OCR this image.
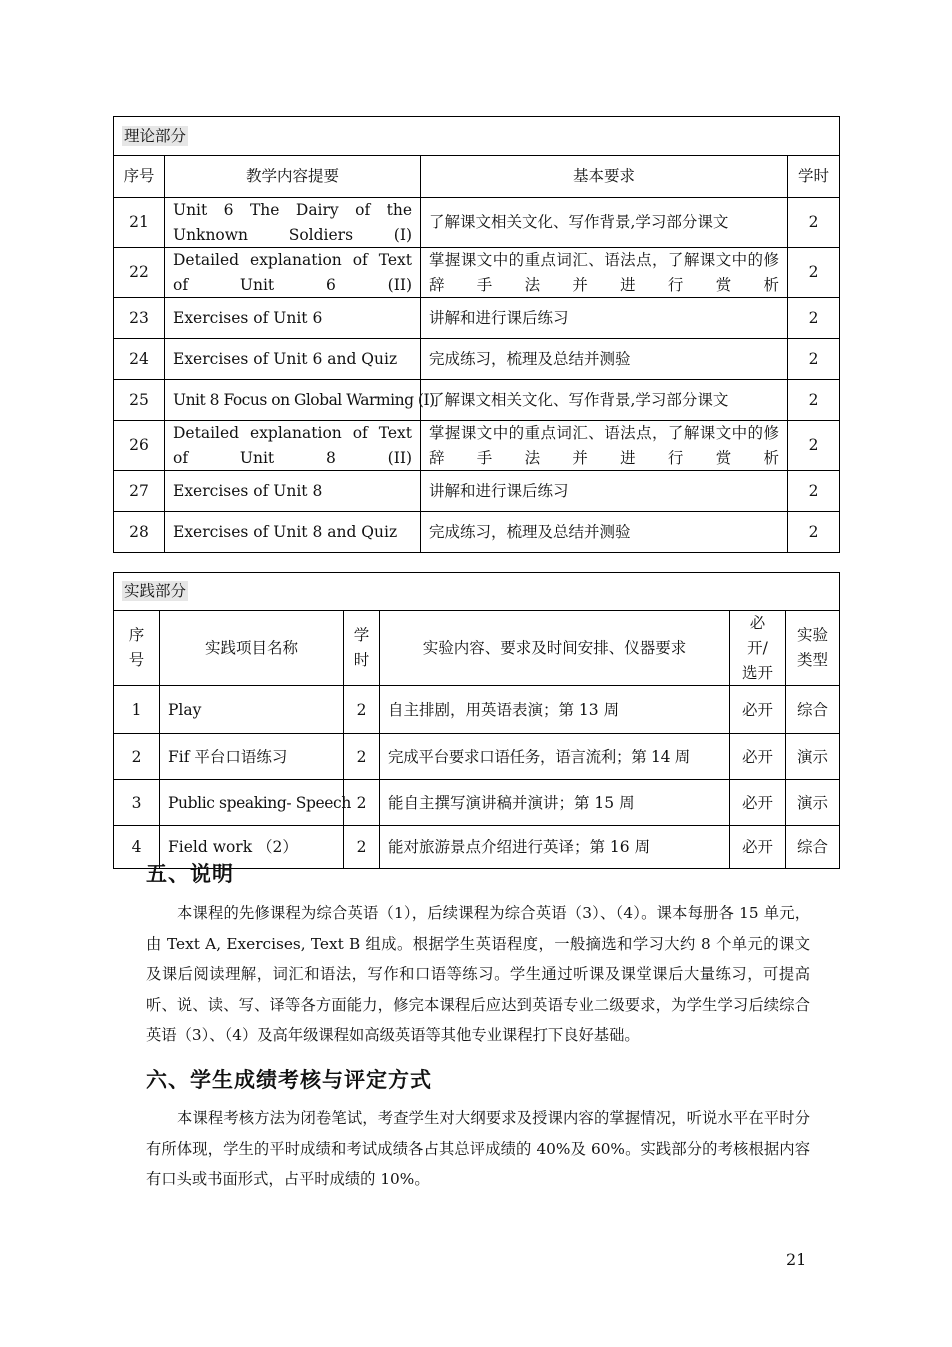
理论部分			
序号	教学内容提要	基本要求	学时
21	Unit 6 The Dairy of the Unknown Soldiers (I)	了解课文相关文化、写作背景,学习部分课文	2
22	Detailed explanation of Text of Unit 6 (II)	掌握课文中的重点词汇、语法点，了解课文中的修辞手法并进行赏析	2
23	Exercises of Unit 6	讲解和进行课后练习	2
24	Exercises of Unit 6 and Quiz	完成练习，梳理及总结并测验	2
25	Unit 8 Focus on Global Warming (I)	了解课文相关文化、写作背景,学习部分课文	2
26	Detailed explanation of Text of Unit 8 (II)	掌握课文中的重点词汇、语法点，了解课文中的修辞手法并进行赏析	2
27	Exercises of Unit 8	讲解和进行课后练习	2
28	Exercises of Unit 8 and Quiz	完成练习，梳理及总结并测验	2
实践部分					
序号	实践项目名称	学时	实验内容、要求及时间安排、仪器要求	必开/选开	实验类型
1	Play	2	自主排剧，用英语表演；第 13 周	必开	综合
2	Fif 平台口语练习	2	完成平台要求口语任务，语言流利；第 14 周	必开	演示
3	Public speaking- Speech	2	能自主撰写演讲稿并演讲；第 15 周	必开	演示
4	Field work （2）	2	能对旅游景点介绍进行英译；第 16 周	必开	综合
五、说明

本课程的先修课程为综合英语（1），后续课程为综合英语（3）、（4）。课本每册各 15 单元，由 Text A, Exercises, Text B 组成。根据学生英语程度，一般摘选和学习大约 8 个单元的课文及课后阅读理解，词汇和语法，写作和口语等练习。学生通过听课及课堂课后大量练习，可提高听、说、读、写、译等各方面能力，修完本课程后应达到英语专业二级要求，为学生学习后续综合英语（3）、（4）及高年级课程如高级英语等其他专业课程打下良好基础。

六、学生成绩考核与评定方式

本课程考核方法为闭卷笔试，考查学生对大纲要求及授课内容的掌握情况，听说水平在平时分有所体现，学生的平时成绩和考试成绩各占其总评成绩的 40%及 60%。实践部分的考核根据内容有口头或书面形式，占平时成绩的 10%。

21
